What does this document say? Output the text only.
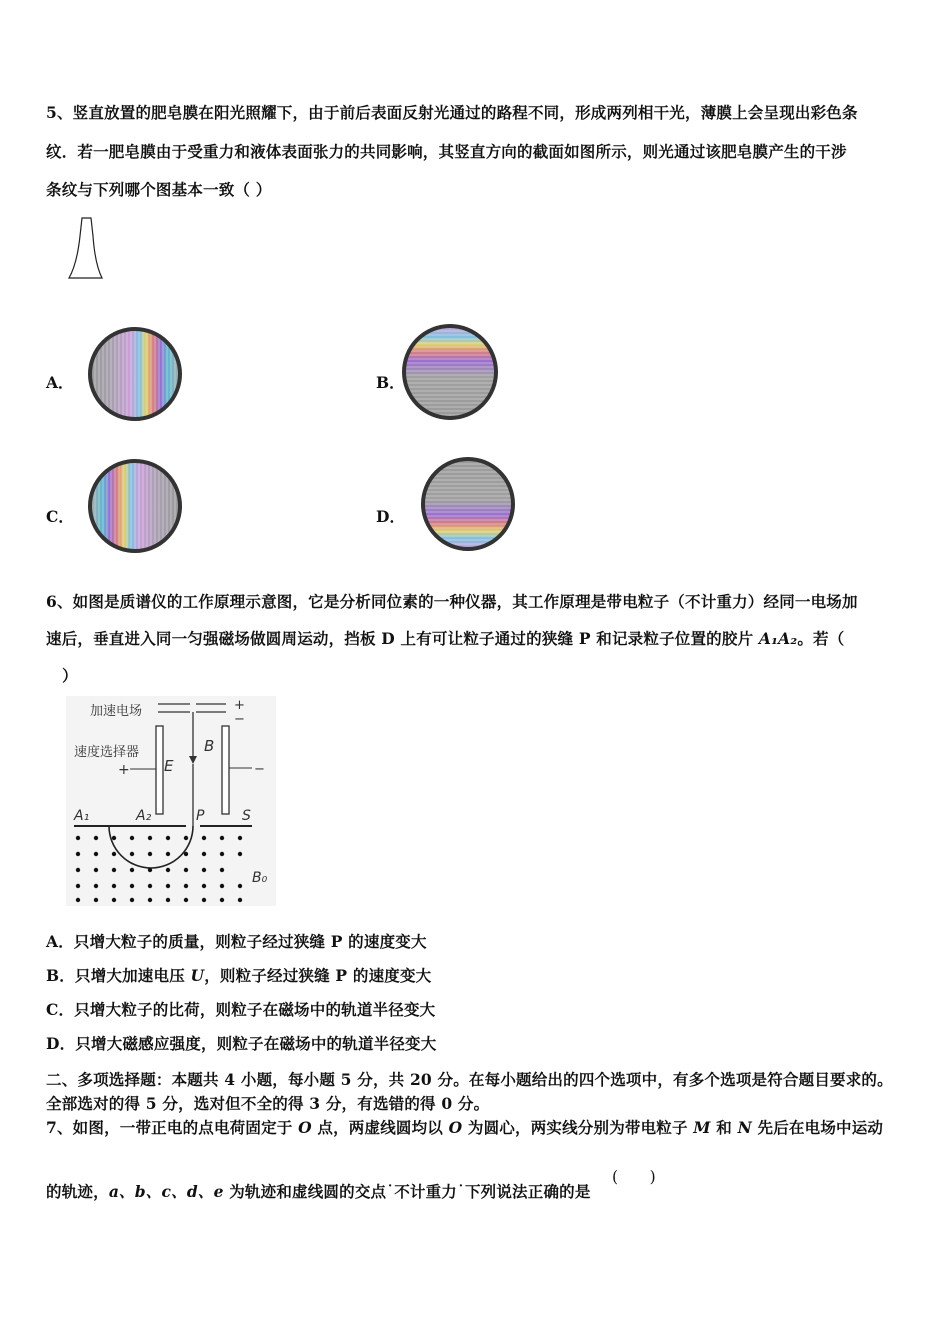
5、竖直放置的肥皂膜在阳光照耀下，由于前后表面反射光通过的路程不同，形成两列相干光，薄膜上会呈现出彩色条
纹．若一肥皂膜由于受重力和液体表面张力的共同影响，其竖直方向的截面如图所示，则光通过该肥皂膜产生的干涉
条纹与下列哪个图基本一致（ ）
A．	B．
C．	D．
6、如图是质谱仪的工作原理示意图，它是分析同位素的一种仪器，其工作原理是带电粒子（不计重力）经同一电场加
速后，垂直进入同一匀强磁场做圆周运动，挡板 D 上有可让粒子通过的狭缝 P 和记录粒子位置的胶片 A₁A₂。若（
）
加速电场	+
−
速度选择器
+ E
B
−
A₁	A₂	P	S
B₀
A．只增大粒子的质量，则粒子经过狭缝 P 的速度变大
B．只增大加速电压 U，则粒子经过狭缝 P 的速度变大
C．只增大粒子的比荷，则粒子在磁场中的轨道半径变大
D．只增大磁感应强度，则粒子在磁场中的轨道半径变大
二、多项选择题：本题共 4 小题，每小题 5 分，共 20 分。在每小题给出的四个选项中，有多个选项是符合题目要求的。
全部选对的得 5 分，选对但不全的得 3 分，有选错的得 0 分。
7、如图，一带正电的点电荷固定于 O 点，两虚线圆均以 O 为圆心，两实线分别为带电粒子 M 和 N 先后在电场中运动
的轨迹，a、b、c、d、e 为轨迹和虚线圆的交点˙不计重力˙下列说法正确的是
(　　)
